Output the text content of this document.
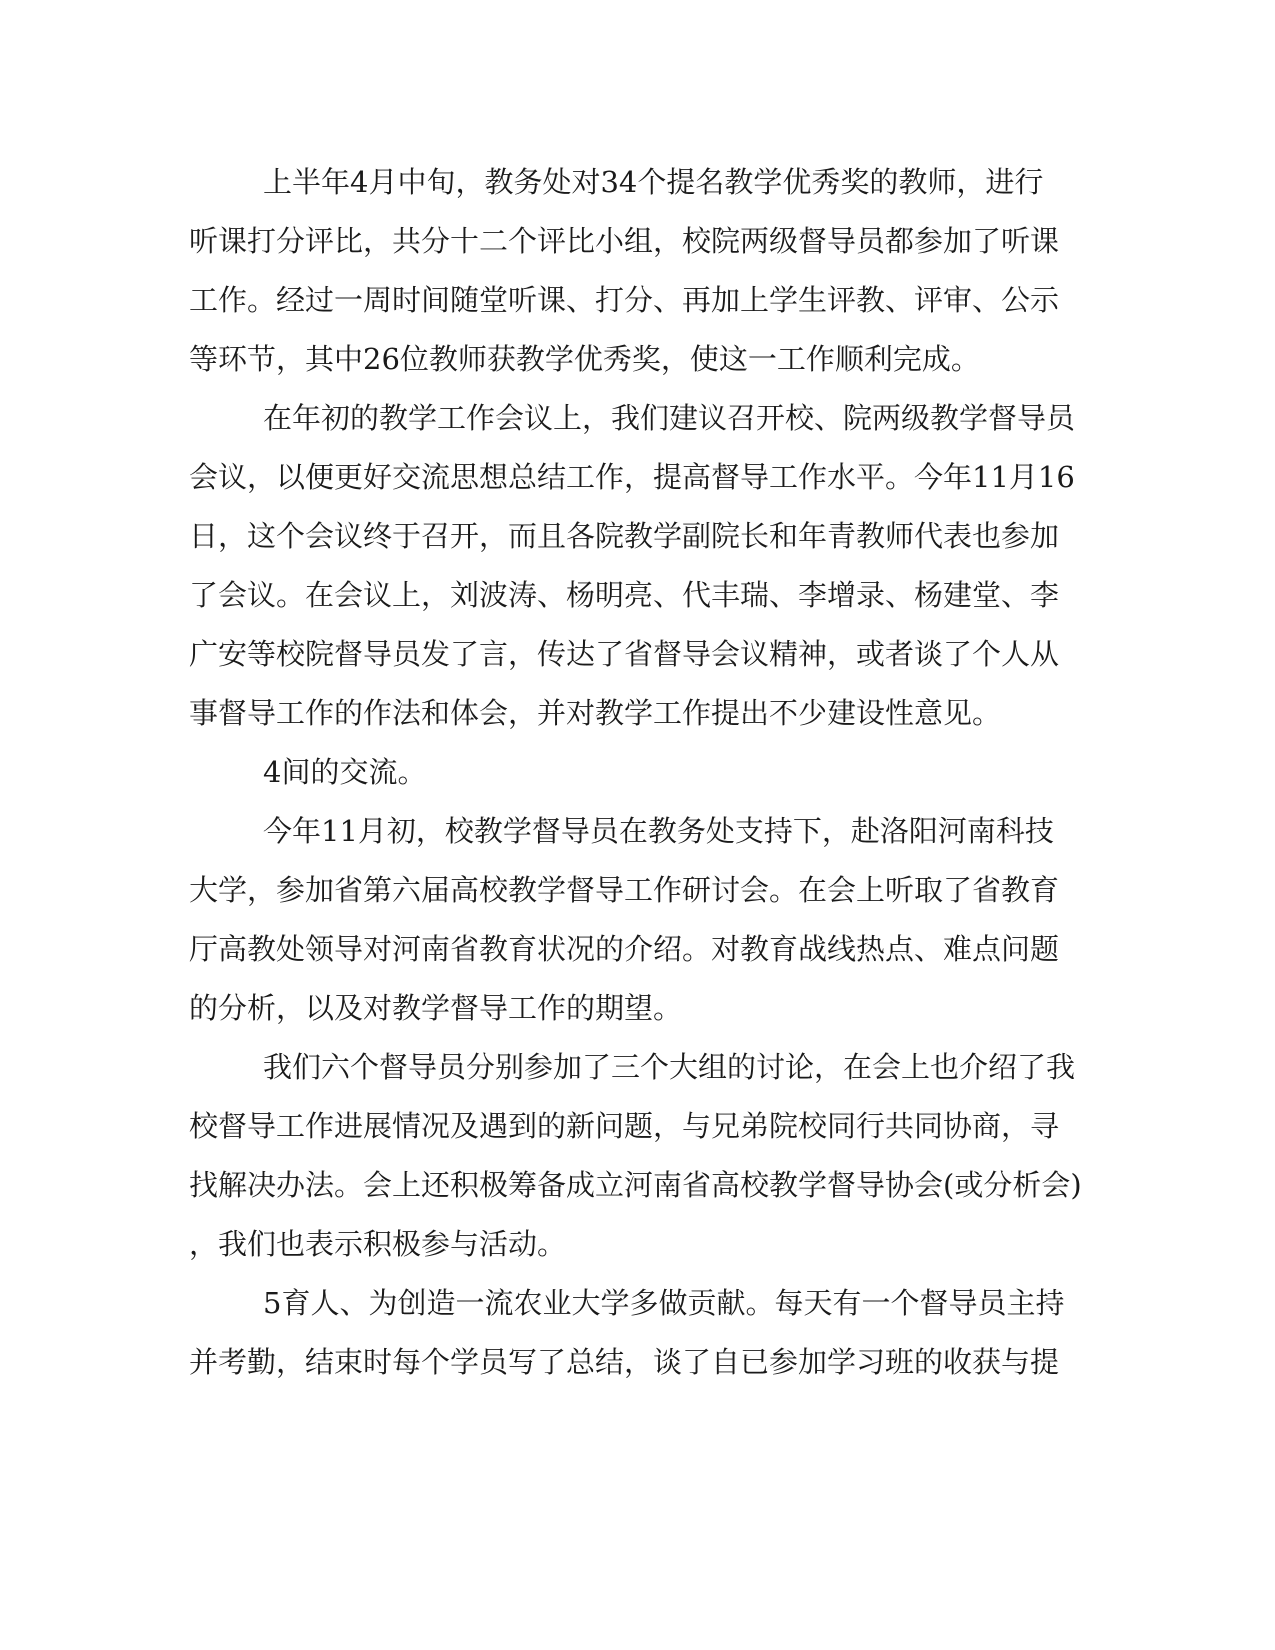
上半年4月中旬，教务处对34个提名教学优秀奖的教师，进行
听课打分评比，共分十二个评比小组，校院两级督导员都参加了听课
工作。经过一周时间随堂听课、打分、再加上学生评教、评审、公示
等环节，其中26位教师获教学优秀奖，使这一工作顺利完成。
在年初的教学工作会议上，我们建议召开校、院两级教学督导员
会议，以便更好交流思想总结工作，提高督导工作水平。今年11月16
日，这个会议终于召开，而且各院教学副院长和年青教师代表也参加
了会议。在会议上，刘波涛、杨明亮、代丰瑞、李增录、杨建堂、李
广安等校院督导员发了言，传达了省督导会议精神，或者谈了个人从
事督导工作的作法和体会，并对教学工作提出不少建设性意见。
4间的交流。
今年11月初，校教学督导员在教务处支持下，赴洛阳河南科技
大学，参加省第六届高校教学督导工作研讨会。在会上听取了省教育
厅高教处领导对河南省教育状况的介绍。对教育战线热点、难点问题
的分析，以及对教学督导工作的期望。
我们六个督导员分别参加了三个大组的讨论，在会上也介绍了我
校督导工作进展情况及遇到的新问题，与兄弟院校同行共同协商，寻
找解决办法。会上还积极筹备成立河南省高校教学督导协会(或分析会)
，我们也表示积极参与活动。
5育人、为创造一流农业大学多做贡献。每天有一个督导员主持
并考勤，结束时每个学员写了总结，谈了自已参加学习班的收获与提
